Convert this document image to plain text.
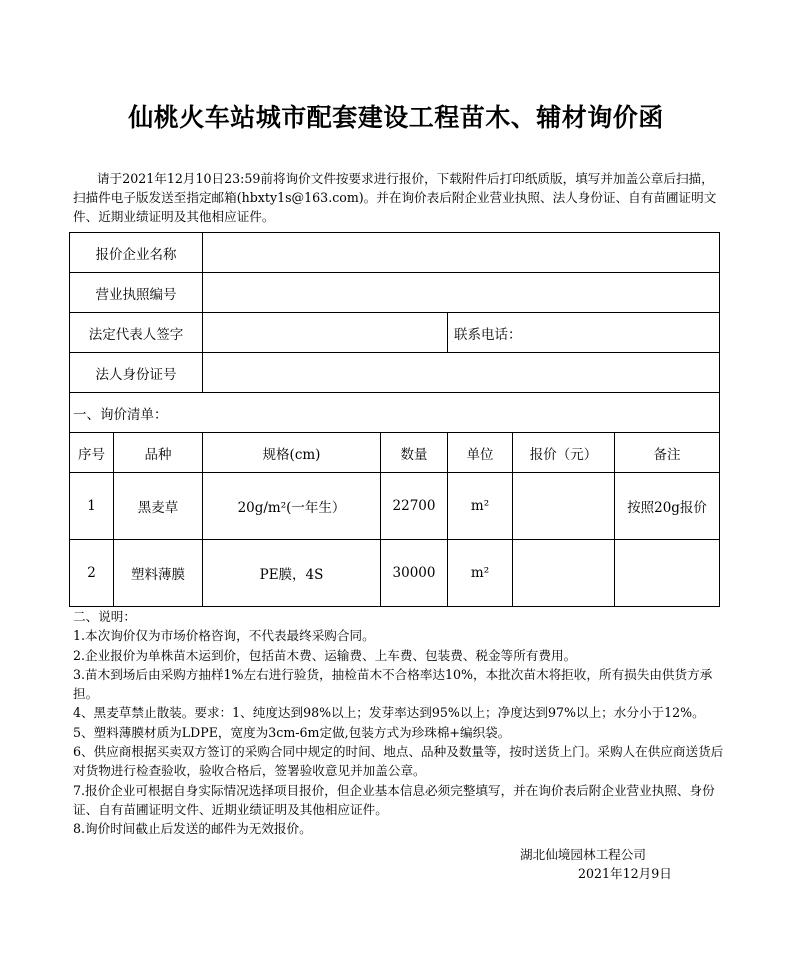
仙桃火车站城市配套建设工程苗木、辅材询价函
请于2021年12月10日23:59前将询价文件按要求进行报价，下载附件后打印纸质版，填写并加盖公章后扫描，扫描件电子版发送至指定邮箱(hbxty1s@163.com)。并在询价表后附企业营业执照、法人身份证、自有苗圃证明文件、近期业绩证明及其他相应证件。
报价企业名称						
营业执照编号						
法定代表人签字				联系电话：		
法人身份证号						
一、询价清单：						
序号	品种	规格(cm)	数量	单位	报价（元）	备注
1	黑麦草	20g/m²(一年生）	22700	m²		按照20g报价
2	塑料薄膜	PE膜，4S	30000	m²		
二、说明：
1.本次询价仅为市场价格咨询，不代表最终采购合同。
2.企业报价为单株苗木运到价，包括苗木费、运输费、上车费、包装费、税金等所有费用。
3.苗木到场后由采购方抽样1%左右进行验货，抽检苗木不合格率达10%，本批次苗木将拒收，所有损失由供货方承担。
4、黑麦草禁止散装。要求：1、纯度达到98%以上；发芽率达到95%以上；净度达到97%以上；水分小于12%。
5、塑料薄膜材质为LDPE，宽度为3cm-6m定做,包装方式为珍珠棉+编织袋。
6、供应商根据买卖双方签订的采购合同中规定的时间、地点、品种及数量等，按时送货上门。采购人在供应商送货后对货物进行检查验收，验收合格后，签署验收意见并加盖公章。
7.报价企业可根据自身实际情况选择项目报价，但企业基本信息必须完整填写，并在询价表后附企业营业执照、身份证、自有苗圃证明文件、近期业绩证明及其他相应证件。
8.询价时间截止后发送的邮件为无效报价。
湖北仙境园林工程公司
2021年12月9日
